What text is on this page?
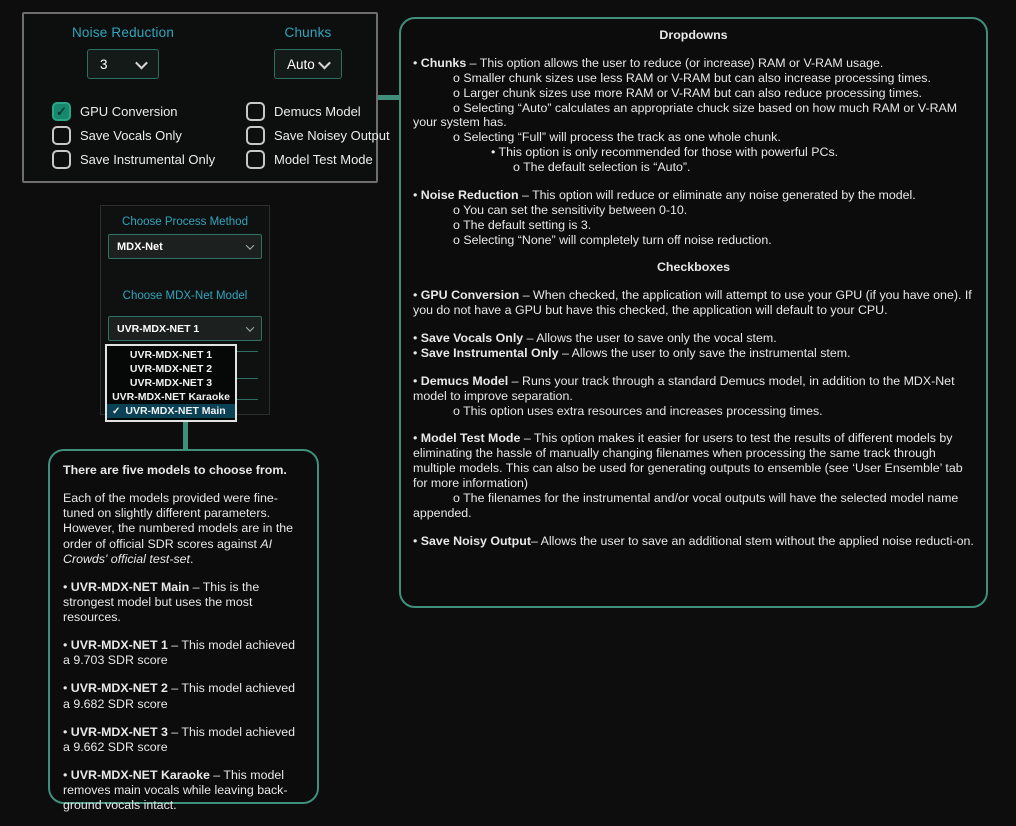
Noise Reduction
3
Chunks
Auto
✓ GPU Conversion	Demucs Model
Save Vocals Only	Save Noisey Output
Save Instrumental Only	Model Test Mode
Choose Process Method
MDX-Net
Choose MDX-Net Model
UVR-MDX-NET 1
UVR-MDX-NET 1
UVR-MDX-NET 2
UVR-MDX-NET 3
UVR-MDX-NET Karaoke
✓ UVR-MDX-NET Main
There are five models to choose from.
Each of the models provided were fine-tuned on slightly different parameters. However, the numbered models are in the order of official SDR scores against AI Crowds' official test-set.
• UVR-MDX-NET Main – This is the strongest model but uses the most resources.
• UVR-MDX-NET 1 – This model achieved a 9.703 SDR score
• UVR-MDX-NET 2 – This model achieved a 9.682 SDR score
• UVR-MDX-NET 3 – This model achieved a 9.662 SDR score
• UVR-MDX-NET Karaoke – This model removes main vocals while leaving back-ground vocals intact.
Dropdowns
• Chunks – This option allows the user to reduce (or increase) RAM or V-RAM usage.
o Smaller chunk sizes use less RAM or V-RAM but can also increase processing times.
o Larger chunk sizes use more RAM or V-RAM but can also reduce processing times.
o Selecting “Auto” calculates an appropriate chuck size based on how much RAM or V-RAM your system has.
o Selecting “Full” will process the track as one whole chunk.
• This option is only recommended for those with powerful PCs.
o The default selection is “Auto”.
• Noise Reduction – This option will reduce or eliminate any noise generated by the model.
o You can set the sensitivity between 0-10.
o The default setting is 3.
o Selecting “None” will completely turn off noise reduction.
Checkboxes
• GPU Conversion – When checked, the application will attempt to use your GPU (if you have one). If you do not have a GPU but have this checked, the application will default to your CPU.
• Save Vocals Only – Allows the user to save only the vocal stem.
• Save Instrumental Only – Allows the user to only save the instrumental stem.
• Demucs Model – Runs your track through a standard Demucs model, in addition to the MDX-Net model to improve separation.
o This option uses extra resources and increases processing times.
• Model Test Mode – This option makes it easier for users to test the results of different models by eliminating the hassle of manually changing filenames when processing the same track through multiple models. This can also be used for generating outputs to ensemble (see ‘User Ensemble’ tab for more information)
o The filenames for the instrumental and/or vocal outputs will have the selected model name appended.
• Save Noisy Output– Allows the user to save an additional stem without the applied noise reducti-on.
